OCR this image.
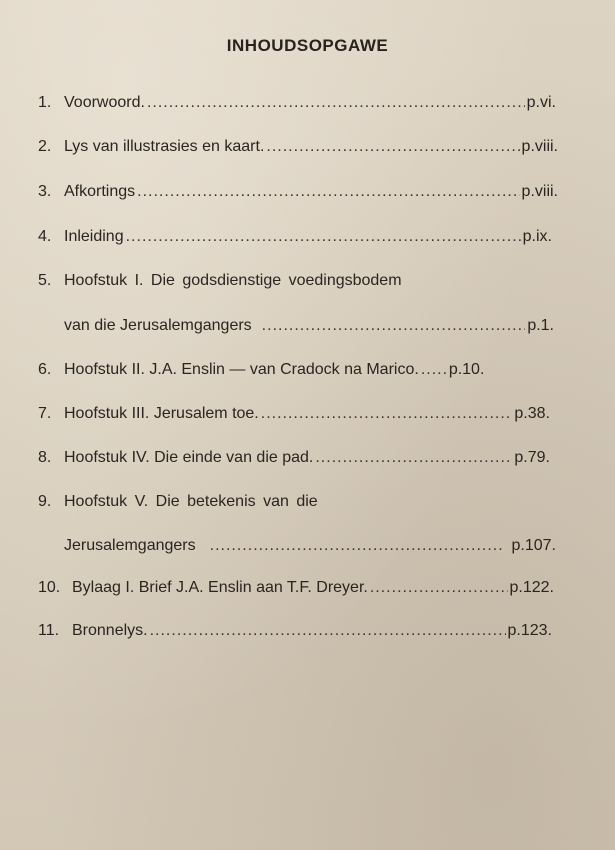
INHOUDSOPGAWE
1. Voorwoord. .....	p.vi.
2. Lys van illustrasies en kaart. .....	p.viii.
3. Afkortings .....	p.viii.
4. Inleiding .....	p.ix.
5. Hoofstuk I. Die godsdienstige voedingsbodem
van die Jerusalemgangers .....	p.1.
6. Hoofstuk II. J.A. Enslin — van Cradock na Marico. ..... p.10.
7. Hoofstuk III. Jerusalem toe. .....	p.38.
8. Hoofstuk IV. Die einde van die pad. .....	p.79.
9. Hoofstuk V. Die betekenis van die
Jerusalemgangers .....	p.107.
10. Bylaag I. Brief J.A. Enslin aan T.F. Dreyer. .....	p.122.
11. Bronnelys. .....	p.123.
